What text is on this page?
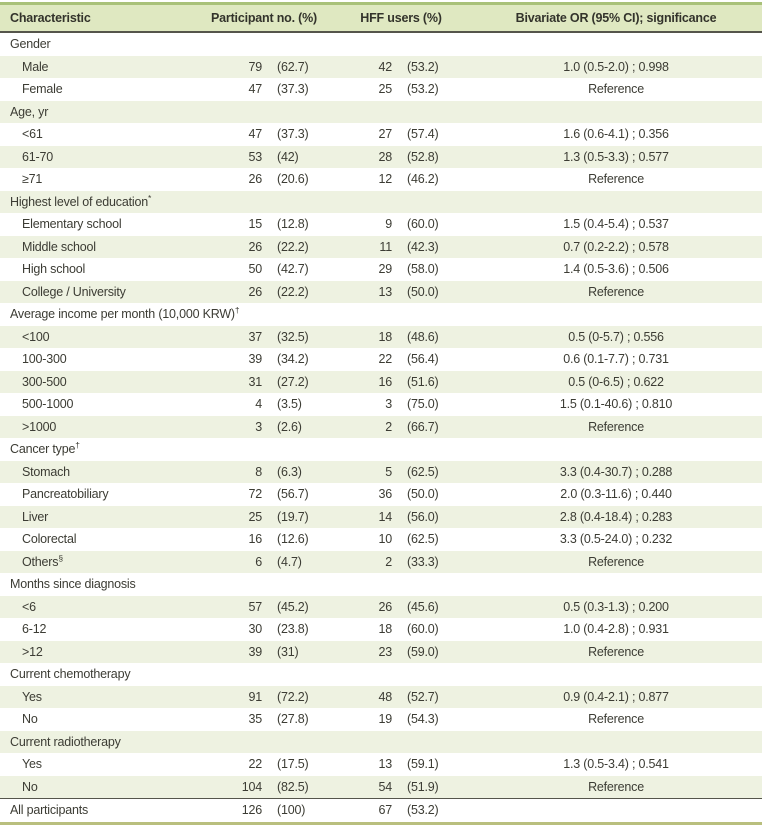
Characteristic	Participant no. (%)		HFF users (%)		Bivariate OR (95% CI); significance
Gender					
Male	79	(62.7)	42	(53.2)	1.0 (0.5-2.0) ; 0.998
Female	47	(37.3)	25	(53.2)	Reference
Age, yr					
<61	47	(37.3)	27	(57.4)	1.6 (0.6-4.1) ; 0.356
61-70	53	(42)	28	(52.8)	1.3 (0.5-3.3) ; 0.577
≥71	26	(20.6)	12	(46.2)	Reference
Highest level of education*					
Elementary school	15	(12.8)	9	(60.0)	1.5 (0.4-5.4) ; 0.537
Middle school	26	(22.2)	11	(42.3)	0.7 (0.2-2.2) ; 0.578
High school	50	(42.7)	29	(58.0)	1.4 (0.5-3.6) ; 0.506
College / University	26	(22.2)	13	(50.0)	Reference
Average income per month (10,000 KRW)†					
<100	37	(32.5)	18	(48.6)	0.5 (0-5.7) ; 0.556
100-300	39	(34.2)	22	(56.4)	0.6 (0.1-7.7) ; 0.731
300-500	31	(27.2)	16	(51.6)	0.5 (0-6.5) ; 0.622
500-1000	4	(3.5)	3	(75.0)	1.5 (0.1-40.6) ; 0.810
>1000	3	(2.6)	2	(66.7)	Reference
Cancer type†					
Stomach	8	(6.3)	5	(62.5)	3.3 (0.4-30.7) ; 0.288
Pancreatobiliary	72	(56.7)	36	(50.0)	2.0 (0.3-11.6) ; 0.440
Liver	25	(19.7)	14	(56.0)	2.8 (0.4-18.4) ; 0.283
Colorectal	16	(12.6)	10	(62.5)	3.3 (0.5-24.0) ; 0.232
Others§	6	(4.7)	2	(33.3)	Reference
Months since diagnosis					
<6	57	(45.2)	26	(45.6)	0.5 (0.3-1.3) ; 0.200
6-12	30	(23.8)	18	(60.0)	1.0 (0.4-2.8) ; 0.931
>12	39	(31)	23	(59.0)	Reference
Current chemotherapy					
Yes	91	(72.2)	48	(52.7)	0.9 (0.4-2.1) ; 0.877
No	35	(27.8)	19	(54.3)	Reference
Current radiotherapy					
Yes	22	(17.5)	13	(59.1)	1.3 (0.5-3.4) ; 0.541
No	104	(82.5)	54	(51.9)	Reference
All participants	126	(100)	67	(53.2)	
